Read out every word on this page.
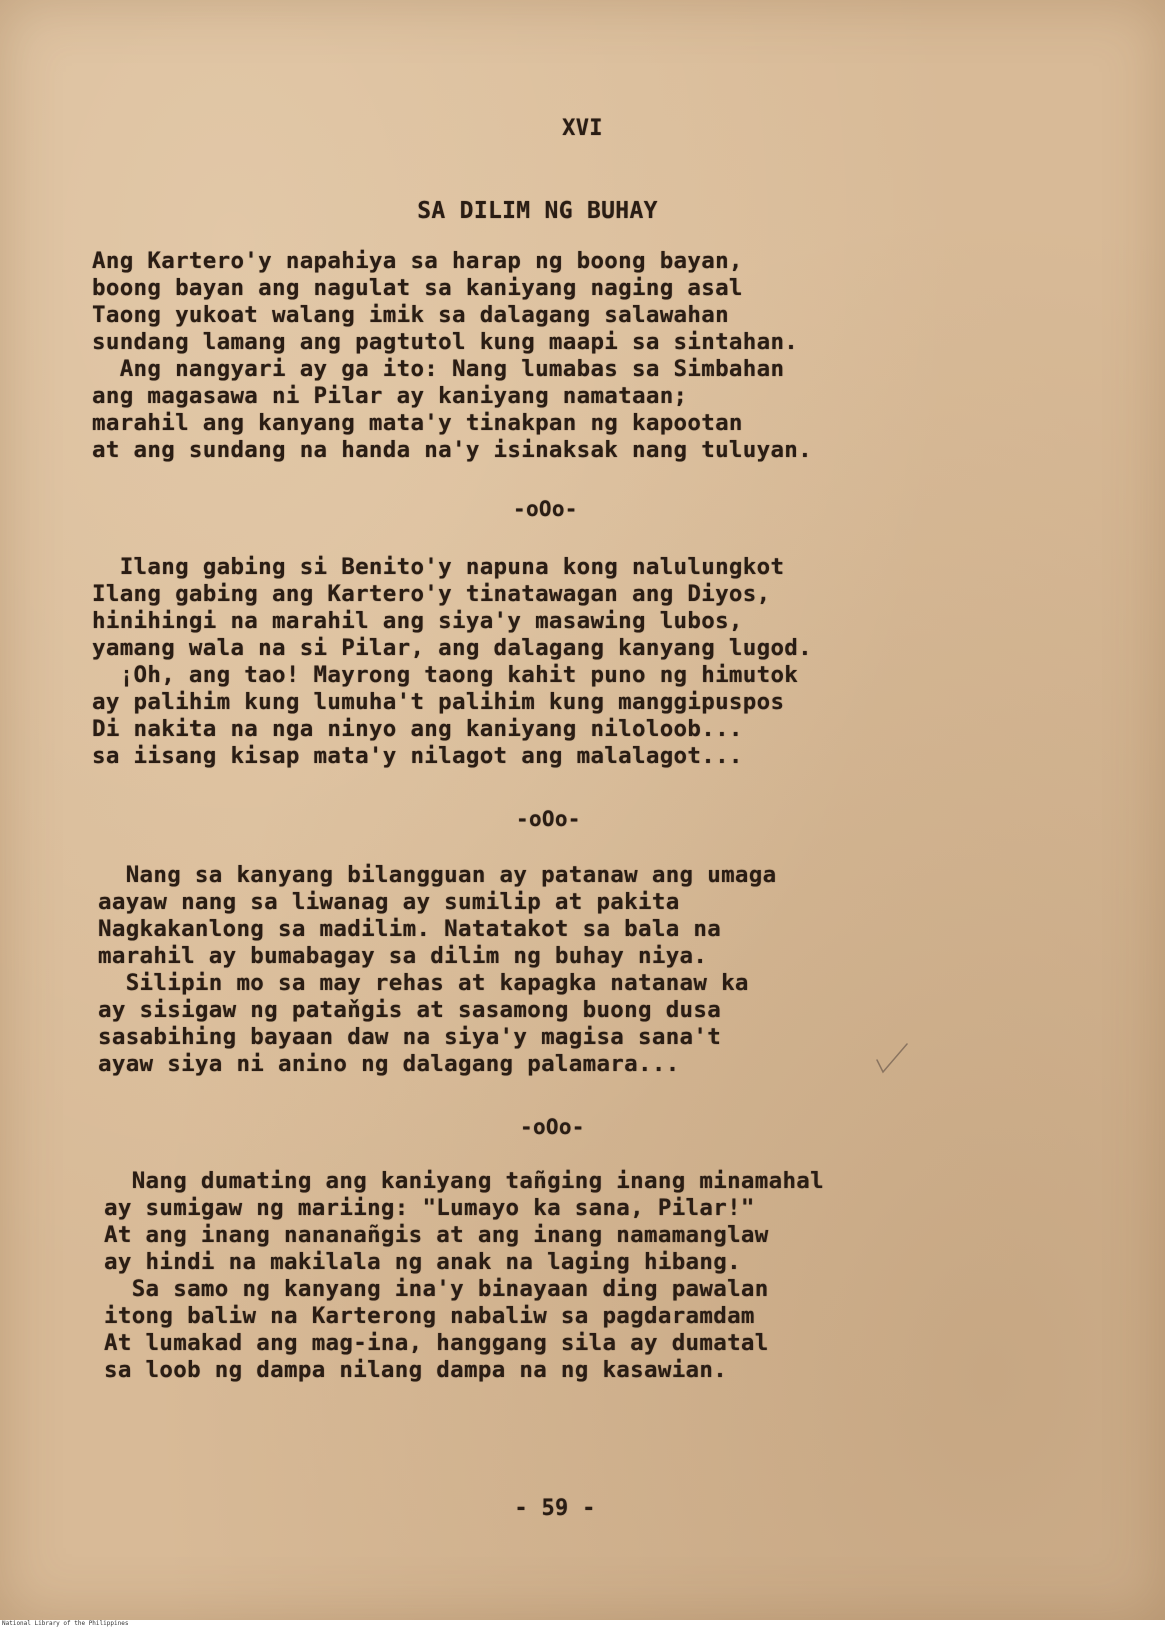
XVI
SA DILIM NG BUHAY
Ang Kartero'y napahiya sa harap ng boong bayan,
boong bayan ang nagulat sa kaniyang naging asal
Taong yukoat walang imik sa dalagang salawahan
sundang lamang ang pagtutol kung maapi sa sintahan.
Ang nangyari ay ga ito: Nang lumabas sa Simbahan
ang magasawa ni Pilar ay kaniyang namataan;
marahil ang kanyang mata'y tinakpan ng kapootan
at ang sundang na handa na'y isinaksak nang tuluyan.
-oOo-
Ilang gabing si Benito'y napuna kong nalulungkot
Ilang gabing ang Kartero'y tinatawagan ang Diyos,
hinihingi na marahil ang siya'y masawing lubos,
yamang wala na si Pilar, ang dalagang kanyang lugod.
¡Oh, ang tao! Mayrong taong kahit puno ng himutok
ay palihim kung lumuha't palihim kung manggipuspos
Di nakita na nga ninyo ang kaniyang niloloob...
sa iisang kisap mata'y nilagot ang malalagot...
-oOo-
Nang sa kanyang bilangguan ay patanaw ang umaga
aayaw nang sa liwanag ay sumilip at pakita
Nagkakanlong sa madilim. Natatakot sa bala na
marahil ay bumabagay sa dilim ng buhay niya.
Silipin mo sa may rehas at kapagka natanaw ka
ay sisigaw ng pataňgis at sasamong buong dusa
sasabihing bayaan daw na siya'y magisa sana't
ayaw siya ni anino ng dalagang palamara...
-oOo-
Nang dumating ang kaniyang tañging inang minamahal
ay sumigaw ng mariing: "Lumayo ka sana, Pilar!"
At ang inang nananañgis at ang inang namamanglaw
ay hindi na makilala ng anak na laging hibang.
Sa samo ng kanyang ina'y binayaan ding pawalan
itong baliw na Karterong nabaliw sa pagdaramdam
At lumakad ang mag-ina, hanggang sila ay dumatal
sa loob ng dampa nilang dampa na ng kasawian.
- 59 -
National Library of the Philippines
